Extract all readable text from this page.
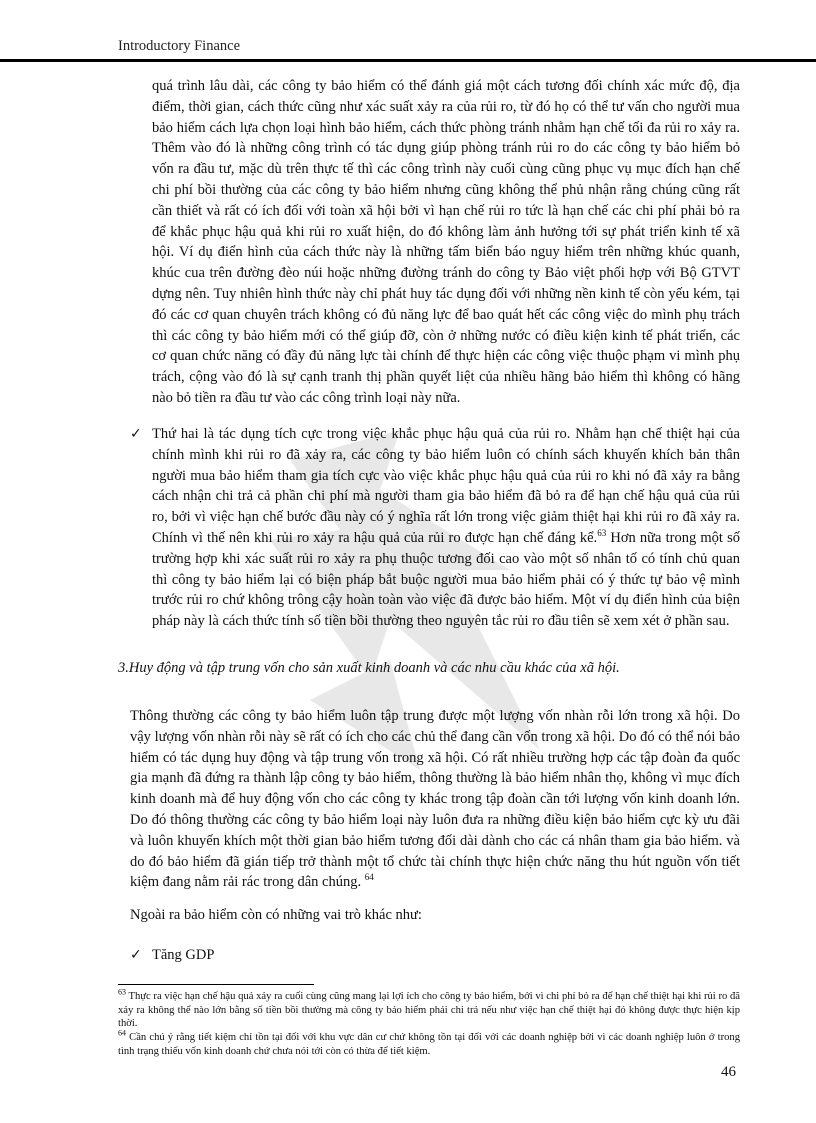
Introductory Finance

quá trình lâu dài, các công ty bảo hiểm có thể đánh giá một cách tương đối chính xác mức độ, địa điểm, thời gian, cách thức cũng như xác suất xảy ra của rủi ro, từ đó họ có thể tư vấn cho người mua bảo hiểm cách lựa chọn loại hình bảo hiểm, cách thức phòng tránh nhằm hạn chế tối đa rủi ro xảy ra. Thêm vào đó là những công trình có tác dụng giúp phòng tránh rủi ro do các công ty bảo hiểm bỏ vốn ra đầu tư, mặc dù trên thực tế thì các công trình này cuối cùng cũng phục vụ mục đích hạn chế chi phí bồi thường của các công ty bảo hiểm nhưng cũng không thể phủ nhận rằng chúng cũng rất cần thiết và rất có ích đối với toàn xã hội bởi vì hạn chế rủi ro tức là hạn chế các chi phí phải bỏ ra để khắc phục hậu quả khi rủi ro xuất hiện, do đó không làm ảnh hưởng tới sự phát triển kinh tế xã hội. Ví dụ điển hình của cách thức này là những tấm biển báo nguy hiểm trên những khúc quanh, khúc cua trên đường đèo núi hoặc những đường tránh do công ty Bảo việt phối hợp với Bộ GTVT dựng nên. Tuy nhiên hình thức này chỉ phát huy tác dụng đối với những nền kinh tế còn yếu kém, tại đó các cơ quan chuyên trách không có đủ năng lực để bao quát hết các công việc do mình phụ trách thì các công ty bảo hiểm mới có thể giúp đỡ, còn ở những nước có điều kiện kinh tế phát triển, các cơ quan chức năng có đầy đủ năng lực tài chính để thực hiện các công việc thuộc phạm vi mình phụ trách, cộng vào đó là sự cạnh tranh thị phần quyết liệt của nhiều hãng bảo hiểm thì không có hãng nào bỏ tiền ra đầu tư vào các công trình loại này nữa.

✓ Thứ hai là tác dụng tích cực trong việc khắc phục hậu quả của rủi ro. Nhằm hạn chế thiệt hại của chính mình khi rủi ro đã xảy ra, các công ty bảo hiểm luôn có chính sách khuyến khích bản thân người mua bảo hiểm tham gia tích cực vào việc khắc phục hậu quả của rủi ro khi nó đã xảy ra bằng cách nhận chi trả cả phần chi phí mà người tham gia bảo hiểm đã bỏ ra để hạn chế hậu quả của rủi ro, bởi vì việc hạn chế bước đầu này có ý nghĩa rất lớn trong việc giảm thiệt hại khi rủi ro đã xảy ra. Chính vì thế nên khi rủi ro xảy ra hậu quả của rủi ro được hạn chế đáng kể.$^{63}$ Hơn nữa trong một số trường hợp khi xác suất rủi ro xảy ra phụ thuộc tương đối cao vào một số nhân tố có tính chủ quan thì công ty bảo hiểm lại có biện pháp bắt buộc người mua bảo hiểm phải có ý thức tự bảo vệ mình trước rủi ro chứ không trông cậy hoàn toàn vào việc đã được bảo hiểm. Một ví dụ điển hình của biện pháp này là cách thức tính số tiền bồi thường theo nguyên tắc rủi ro đầu tiên sẽ xem xét ở phần sau.
3.Huy động và tập trung vốn cho sản xuất kinh doanh và các nhu cầu khác của xã hội.

Thông thường các công ty bảo hiểm luôn tập trung được một lượng vốn nhàn rỗi lớn trong xã hội. Do vậy lượng vốn nhàn rỗi này sẽ rất có ích cho các chủ thể đang cần vốn trong xã hội. Do đó có thể nói bảo hiểm có tác dụng huy động và tập trung vốn trong xã hội. Có rất nhiều trường hợp các tập đoàn đa quốc gia mạnh đã đứng ra thành lập công ty bảo hiểm, thông thường là bảo hiểm nhân thọ, không vì mục đích kinh doanh mà để huy động vốn cho các công ty khác trong tập đoàn cần tới lượng vốn kinh doanh lớn. Do đó thông thường các công ty bảo hiểm loại này luôn đưa ra những điều kiện bảo hiểm cực kỳ ưu đãi và luôn khuyến khích một thời gian bảo hiểm tương đối dài dành cho các cá nhân tham gia bảo hiểm. và do đó bảo hiểm đã gián tiếp trở thành một tổ chức tài chính thực hiện chức năng thu hút nguồn vốn tiết kiệm đang nằm rải rác trong dân chúng. $^{64}$

Ngoài ra bảo hiểm còn có những vai trò khác như:

✓ Tăng GDP

$^{63}$ Thực ra việc hạn chế hậu quả xảy ra cuối cùng cũng mang lại lợi ích cho công ty bảo hiểm, bởi vì chi phí bỏ ra để hạn chế thiệt hại khi rủi ro đã xảy ra không thể nào lớn bằng số tiền bồi thường mà công ty bảo hiểm phải chi trả nếu như việc hạn chế thiệt hại đó không được thực hiện kịp thời.

$^{64}$ Cần chú ý rằng tiết kiệm chỉ tồn tại đối với khu vực dân cư chứ không tồn tại đối với các doanh nghiệp bởi vì các doanh nghiệp luôn ở trong tình trạng thiếu vốn kinh doanh chứ chưa nói tới còn có thừa để tiết kiệm.

46
